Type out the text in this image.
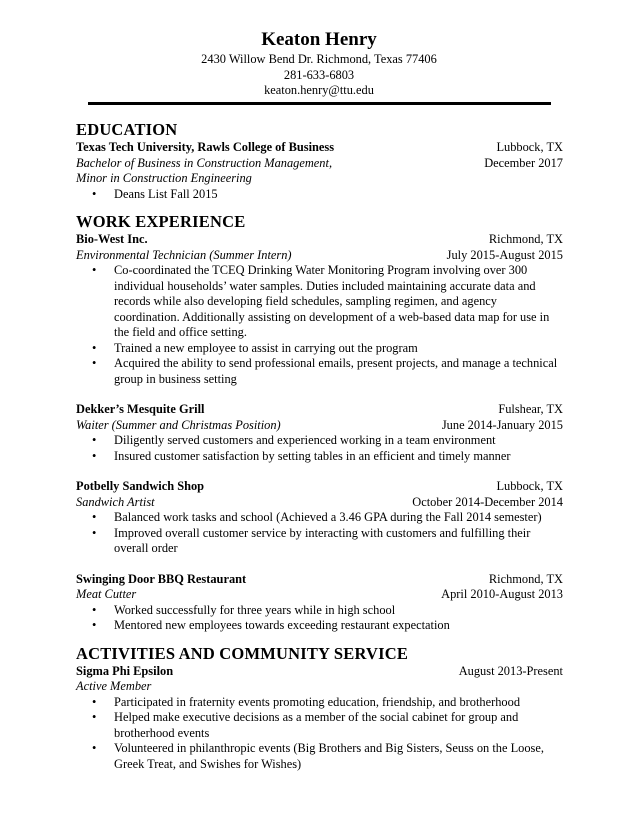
Keaton Henry
2430 Willow Bend Dr. Richmond, Texas 77406
281-633-6803
keaton.henry@ttu.edu
EDUCATION
Texas Tech University, Rawls College of Business	Lubbock, TX
Bachelor of Business in Construction Management,	December 2017
Minor in Construction Engineering
• Deans List Fall 2015
WORK EXPERIENCE
Bio-West Inc.	Richmond, TX
Environmental Technician (Summer Intern)	July 2015-August 2015
• Co-coordinated the TCEQ Drinking Water Monitoring Program involving over 300
individual households’ water samples. Duties included maintaining accurate data and
records while also developing field schedules, sampling regimen, and agency
coordination. Additionally assisting on development of a web-based data map for use in
the field and office setting.
• Trained a new employee to assist in carrying out the program
• Acquired the ability to send professional emails, present projects, and manage a technical
group in business setting
Dekker’s Mesquite Grill	Fulshear, TX
Waiter (Summer and Christmas Position)	June 2014-January 2015
• Diligently served customers and experienced working in a team environment
• Insured customer satisfaction by setting tables in an efficient and timely manner
Potbelly Sandwich Shop	Lubbock, TX
Sandwich Artist	October 2014-December 2014
• Balanced work tasks and school (Achieved a 3.46 GPA during the Fall 2014 semester)
• Improved overall customer service by interacting with customers and fulfilling their
overall order
Swinging Door BBQ Restaurant	Richmond, TX
Meat Cutter	April 2010-August 2013
• Worked successfully for three years while in high school
• Mentored new employees towards exceeding restaurant expectation
ACTIVITIES AND COMMUNITY SERVICE
Sigma Phi Epsilon	August 2013-Present
Active Member
• Participated in fraternity events promoting education, friendship, and brotherhood
• Helped make executive decisions as a member of the social cabinet for group and
brotherhood events
• Volunteered in philanthropic events (Big Brothers and Big Sisters, Seuss on the Loose,
Greek Treat, and Swishes for Wishes)
